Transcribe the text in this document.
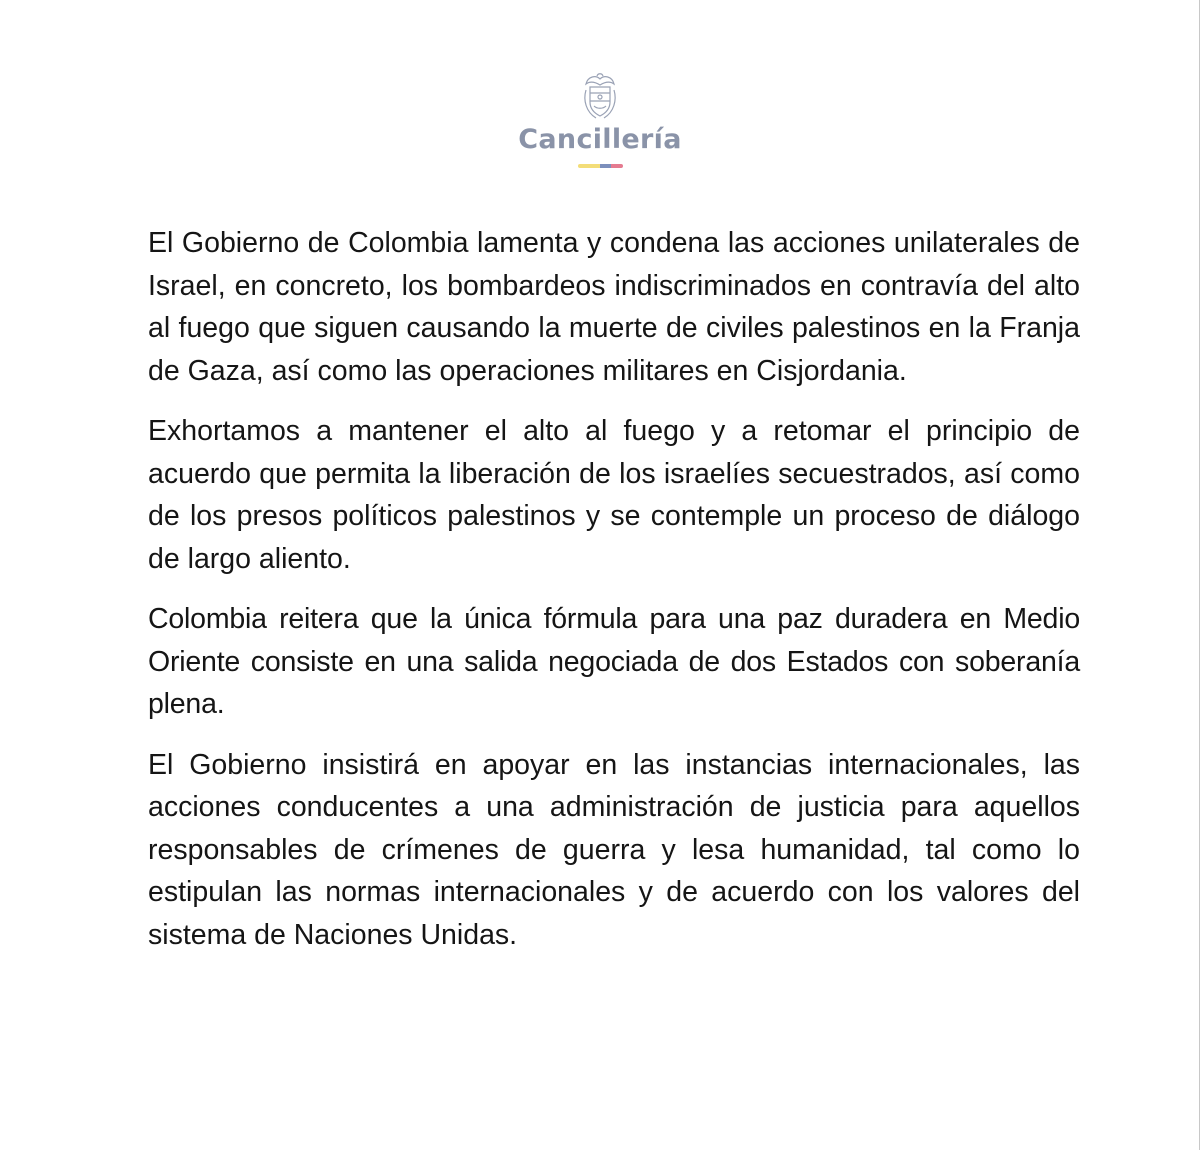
Cancillería

El Gobierno de Colombia lamenta y condena las acciones unilaterales de Israel, en concreto, los bombardeos indiscriminados en contravía del alto al fuego que siguen causando la muerte de civiles palestinos en la Franja de Gaza, así como las operaciones militares en Cisjordania.

Exhortamos a mantener el alto al fuego y a retomar el principio de acuerdo que permita la liberación de los israelíes secuestrados, así como de los presos políticos palestinos y se contemple un proceso de diálogo de largo aliento.

Colombia reitera que la única fórmula para una paz duradera en Medio Oriente consiste en una salida negociada de dos Estados con soberanía plena.

El Gobierno insistirá en apoyar en las instancias internacionales, las acciones conducentes a una administración de justicia para aquellos responsables de crímenes de guerra y lesa humanidad, tal como lo estipulan las normas internacionales y de acuerdo con los valores del sistema de Naciones Unidas.
